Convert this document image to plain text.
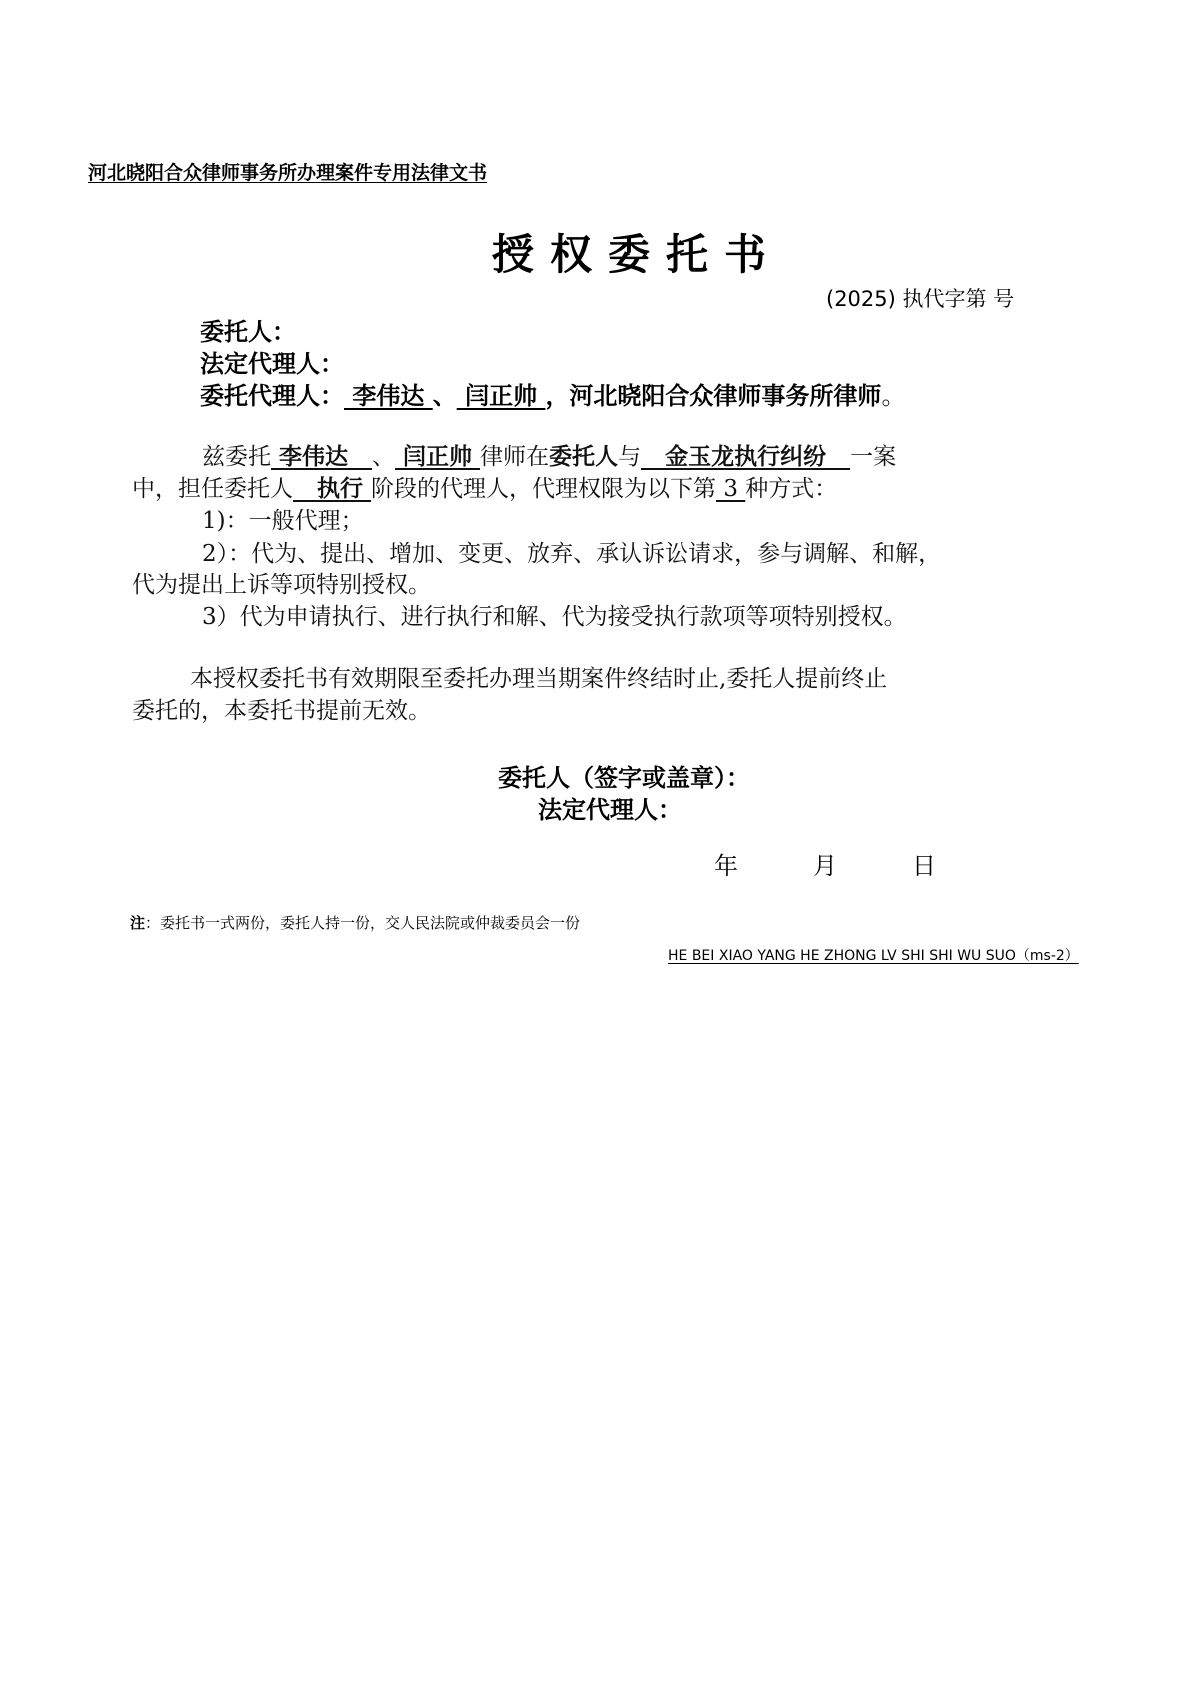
河北晓阳合众律师事务所办理案件专用法律文书
授权委托书
(2025) 执代字第 号
委托人：
法定代理人：
委托代理人： 李伟达 、 闫正帅 ，河北晓阳合众律师事务所律师。
兹委托 李伟达   、 闫正帅 律师在委托人与   金玉龙执行纠纷   一案
中，担任委托人   执行 阶段的代理人，代理权限为以下第 3 种方式：
1)：一般代理；
2）：代为、提出、增加、变更、放弃、承认诉讼请求，参与调解、和解，
代为提出上诉等项特别授权。
3）代为申请执行、进行执行和解、代为接受执行款项等项特别授权。
本授权委托书有效期限至委托办理当期案件终结时止,委托人提前终止
委托的，本委托书提前无效。
委托人（签字或盖章）：
法定代理人：
年	月	日
注：委托书一式两份，委托人持一份，交人民法院或仲裁委员会一份
HE BEI XIAO YANG HE ZHONG LV SHI SHI WU SUO（ms-2）
